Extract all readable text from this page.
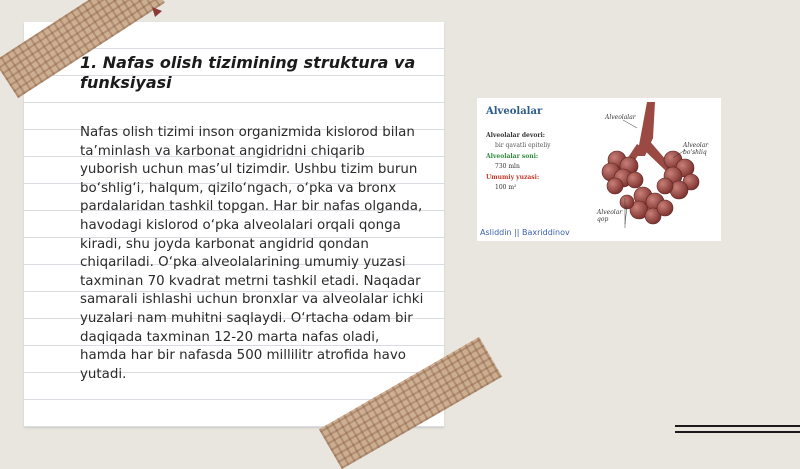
1. Nafas olish tizimining struktura va funksiyasi

Nafas olish tizimi inson organizmida kislorod bilan ta’minlash va karbonat angidridni chiqarib yuborish uchun mas’ul tizimdir. Ushbu tizim burun bo‘shlig‘i, halqum, qizilo‘ngach, o‘pka va bronx pardalaridan tashkil topgan. Har bir nafas olganda, havodagi kislorod o‘pka alveolalari orqali qonga kiradi, shu joyda karbonat angidrid qondan chiqariladi. O‘pka alveolalarining umumiy yuzasi taxminan 70 kvadrat metrni tashkil etadi. Naqadar samarali ishlashi uchun bronxlar va alveolalar ichki yuzalari nam muhitni saqlaydi. O‘rtacha odam bir daqiqada taxminan 12-20 marta nafas oladi, hamda har bir nafasda 500 millilitr atrofida havo yutadi.

Alveolalar
Alveolalar devori:
bir qavatli epiteliy
Alveolalar soni:
730 mln
Umumiy yuzasi:
100 m²
Alveolalar
Alveolar bo'shliq
Alveolar qop
Asliddin || Baxriddinov
